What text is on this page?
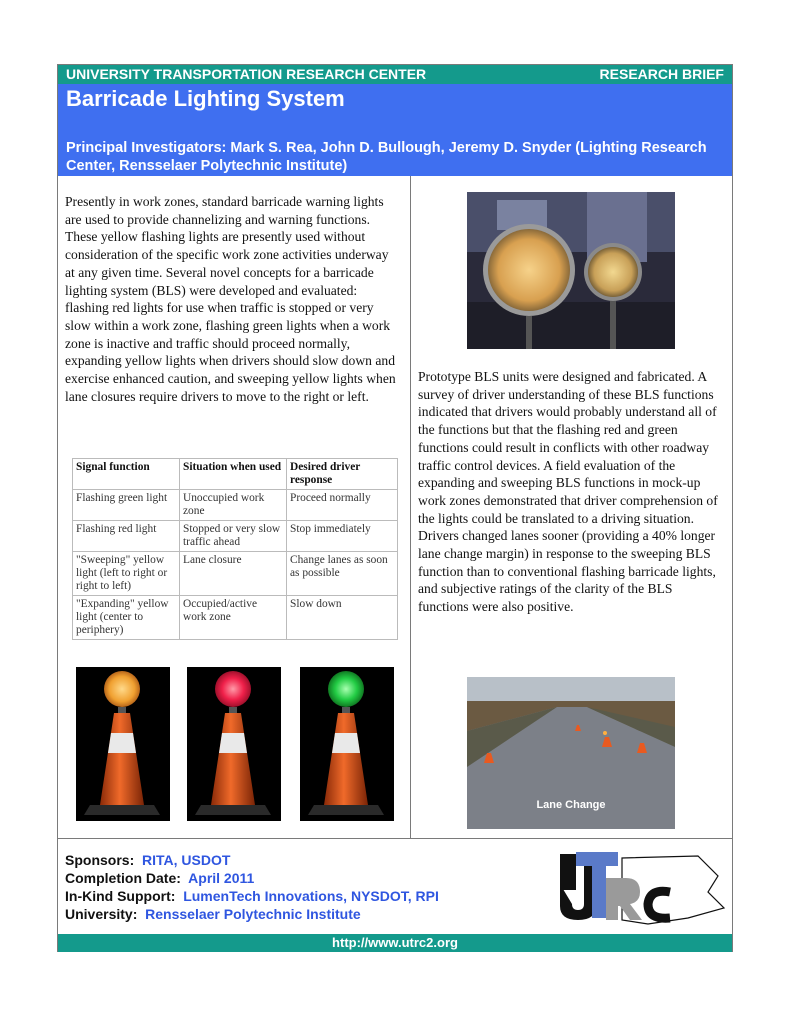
UNIVERSITY TRANSPORTATION RESEARCH CENTER	RESEARCH BRIEF
Barricade Lighting System
Principal Investigators: Mark S. Rea, John D. Bullough, Jeremy D. Snyder (Lighting Research Center, Rensselaer Polytechnic Institute)
Presently in work zones, standard barricade warning lights are used to provide channelizing and warning functions. These yellow flashing lights are presently used without consideration of the specific work zone activities underway at any given time. Several novel concepts for a barricade lighting system (BLS) were developed and evaluated: flashing red lights for use when traffic is stopped or very slow within a work zone, flashing green lights when a work zone is inactive and traffic should proceed normally, expanding yellow lights when drivers should slow down and exercise enhanced caution, and sweeping yellow lights when lane closures require drivers to move to the right or left.
Signal function	Situation when used	Desired driver response
Flashing green light	Unoccupied work zone	Proceed normally
Flashing red light	Stopped or very slow traffic ahead	Stop immediately
"Sweeping" yellow light (left to right or right to left)	Lane closure	Change lanes as soon as possible
"Expanding" yellow light (center to periphery)	Occupied/active work zone	Slow down
Prototype BLS units were designed and fabricated. A survey of driver understanding of these BLS functions indicated that drivers would probably understand all of the functions but that the flashing red and green functions could result in conflicts with other roadway traffic control devices. A field evaluation of the expanding and sweeping BLS functions in mock-up work zones demonstrated that driver comprehension of the lights could be translated to a driving situation. Drivers changed lanes sooner (providing a 40% longer lane change margin) in response to the sweeping BLS function than to conventional flashing barricade lights, and subjective ratings of the clarity of the BLS functions were also positive.
Lane Change
Sponsors: RITA, USDOT
Completion Date: April 2011
In-Kind Support: LumenTech Innovations, NYSDOT, RPI
University: Rensselaer Polytechnic Institute
http://www.utrc2.org
